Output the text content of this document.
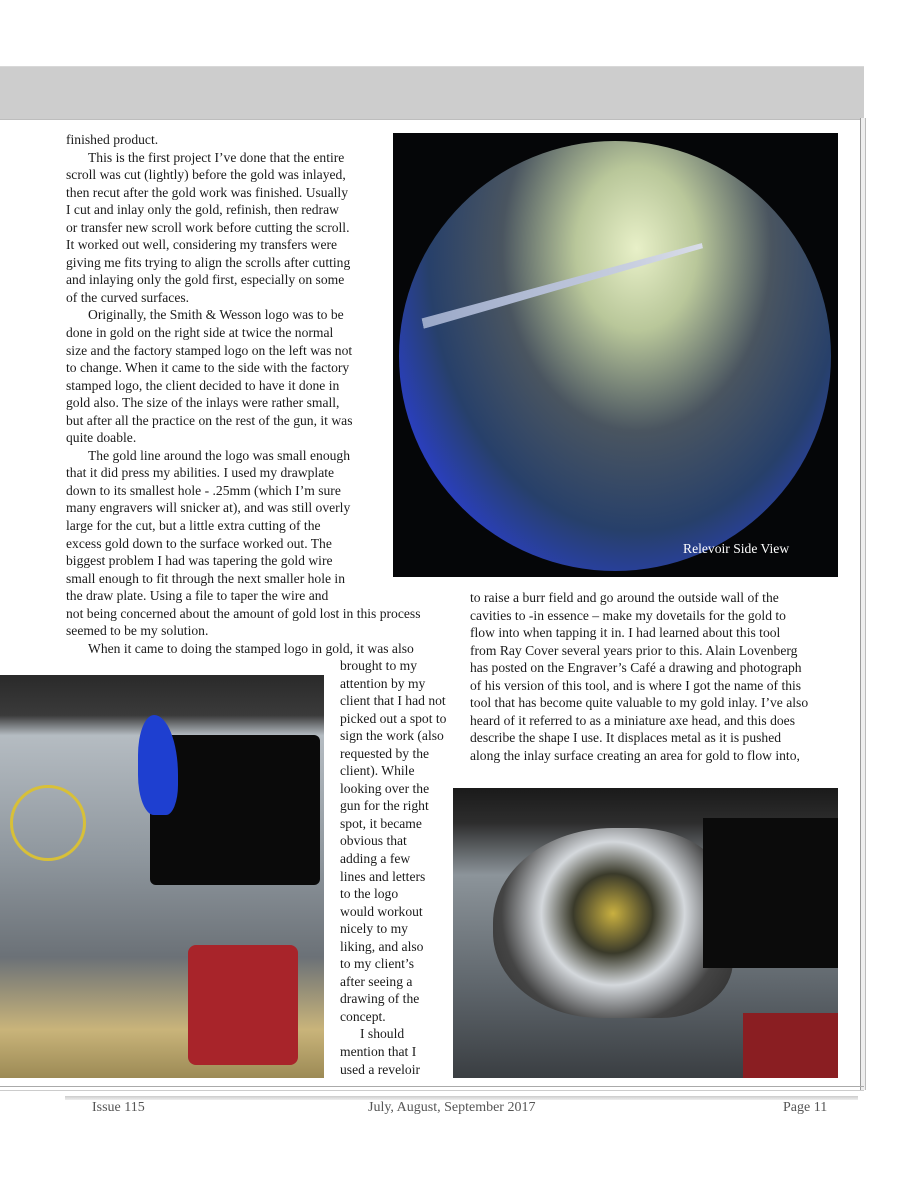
finished product.
This is the first project I’ve done that the entire
scroll was cut (lightly) before the gold was inlayed,
then recut after the gold work was finished. Usually
I cut and inlay only the gold, refinish, then redraw
or transfer new scroll work before cutting the scroll.
It worked out well, considering my transfers were
giving me fits trying to align the scrolls after cutting
and inlaying only the gold first, especially on some
of the curved surfaces.
Originally, the Smith & Wesson logo was to be
done in gold on the right side at twice the normal
size and the factory stamped logo on the left was not
to change. When it came to the side with the factory
stamped logo, the client decided to have it done in
gold also. The size of the inlays were rather small,
but after all the practice on the rest of the gun, it was
quite doable.
The gold line around the logo was small enough
that it did press my abilities. I used my drawplate
down to its smallest hole - .25mm (which I’m sure
many engravers will snicker at), and was still overly
large for the cut, but a little extra cutting of the
excess gold down to the surface worked out. The
biggest problem I had was tapering the gold wire
small enough to fit through the next smaller hole in
the draw plate. Using a file to taper the wire and
not being concerned about the amount of gold lost in this process
seemed to be my solution.
When it came to doing the stamped logo in gold, it was also
brought to my
attention by my
client that I had not
picked out a spot to
sign the work (also
requested by the
client). While
looking over the
gun for the right
spot, it became
obvious that
adding a few
lines and letters
to the logo
would workout
nicely to my
liking, and also
to my client’s
after seeing a
drawing of the
concept.
I should
mention that I
used a reveloir
to raise a burr field and go around the outside wall of the
cavities to -in essence – make my dovetails for the gold to
flow into when tapping it in. I had learned about this tool
from Ray Cover several years prior to this. Alain Lovenberg
has posted on the Engraver’s Café a drawing and photograph
of his version of this tool, and is where I got the name of this
tool that has become quite valuable to my gold inlay. I’ve also
heard of it referred to as a miniature axe head, and this does
describe the shape I use. It displaces metal as it is pushed
along the inlay surface creating an area for gold to flow into,
Relevoir Side View
Issue 115	July, August, September 2017	Page 11
